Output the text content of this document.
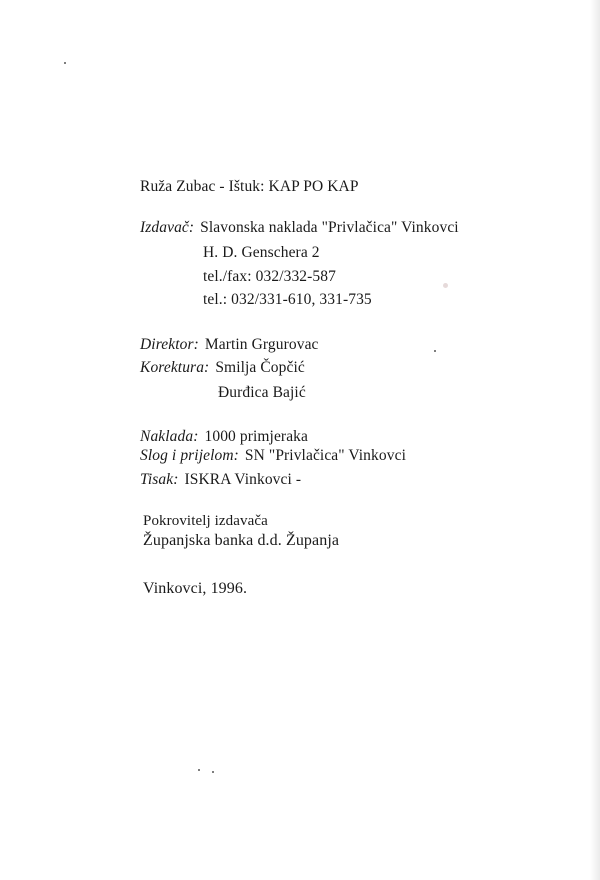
Ruža Zubac - Ištuk: KAP PO KAP
Izdavač: Slavonska naklada "Privlačica" Vinkovci
H. D. Genschera 2
tel./fax: 032/332-587
tel.: 032/331-610, 331-735
Direktor: Martin Grgurovac
Korektura: Smilja Čopčić
Đurđica Bajić
Naklada: 1000 primjeraka
Slog i prijelom: SN "Privlačica" Vinkovci
Tisak: ISKRA Vinkovci -
Pokrovitelj izdavača
Županjska banka d.d. Županja
Vinkovci, 1996.
